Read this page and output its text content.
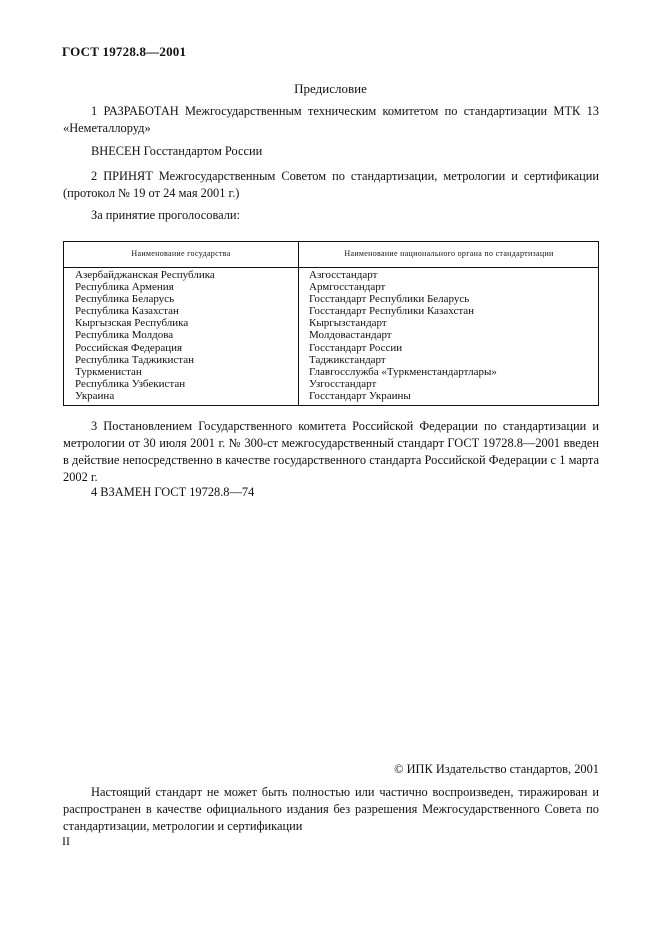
ГОСТ 19728.8—2001
Предисловие
1 РАЗРАБОТАН Межгосударственным техническим комитетом по стандартизации МТК 13 «Неметаллоруд»
ВНЕСЕН Госстандартом России
2 ПРИНЯТ Межгосударственным Советом по стандартизации, метрологии и сертификации (протокол № 19 от 24 мая 2001 г.)
За принятие проголосовали:
Наименование государства	Наименование национального органа по стандартизации
Азербайджанская Республика
Республика Армения
Республика Беларусь
Республика Казахстан
Кыргызская Республика
Республика Молдова
Российская Федерация
Республика Таджикистан
Туркменистан
Республика Узбекистан
Украина
Азгосстандарт
Армгосстандарт
Госстандарт Республики Беларусь
Госстандарт Республики Казахстан
Кыргызстандарт
Молдовастандарт
Госстандарт России
Таджикстандарт
Главгосслужба «Туркменстандартлары»
Узгосстандарт
Госстандарт Украины
3 Постановлением Государственного комитета Российской Федерации по стандартизации и метрологии от 30 июля 2001 г. № 300-ст межгосударственный стандарт ГОСТ 19728.8—2001 введен в действие непосредственно в качестве государственного стандарта Российской Федерации с 1 марта 2002 г.
4 ВЗАМЕН ГОСТ 19728.8—74
© ИПК Издательство стандартов, 2001
Настоящий стандарт не может быть полностью или частично воспроизведен, тиражирован и распространен в качестве официального издания без разрешения Межгосударственного Совета по стандартизации, метрологии и сертификации
II
